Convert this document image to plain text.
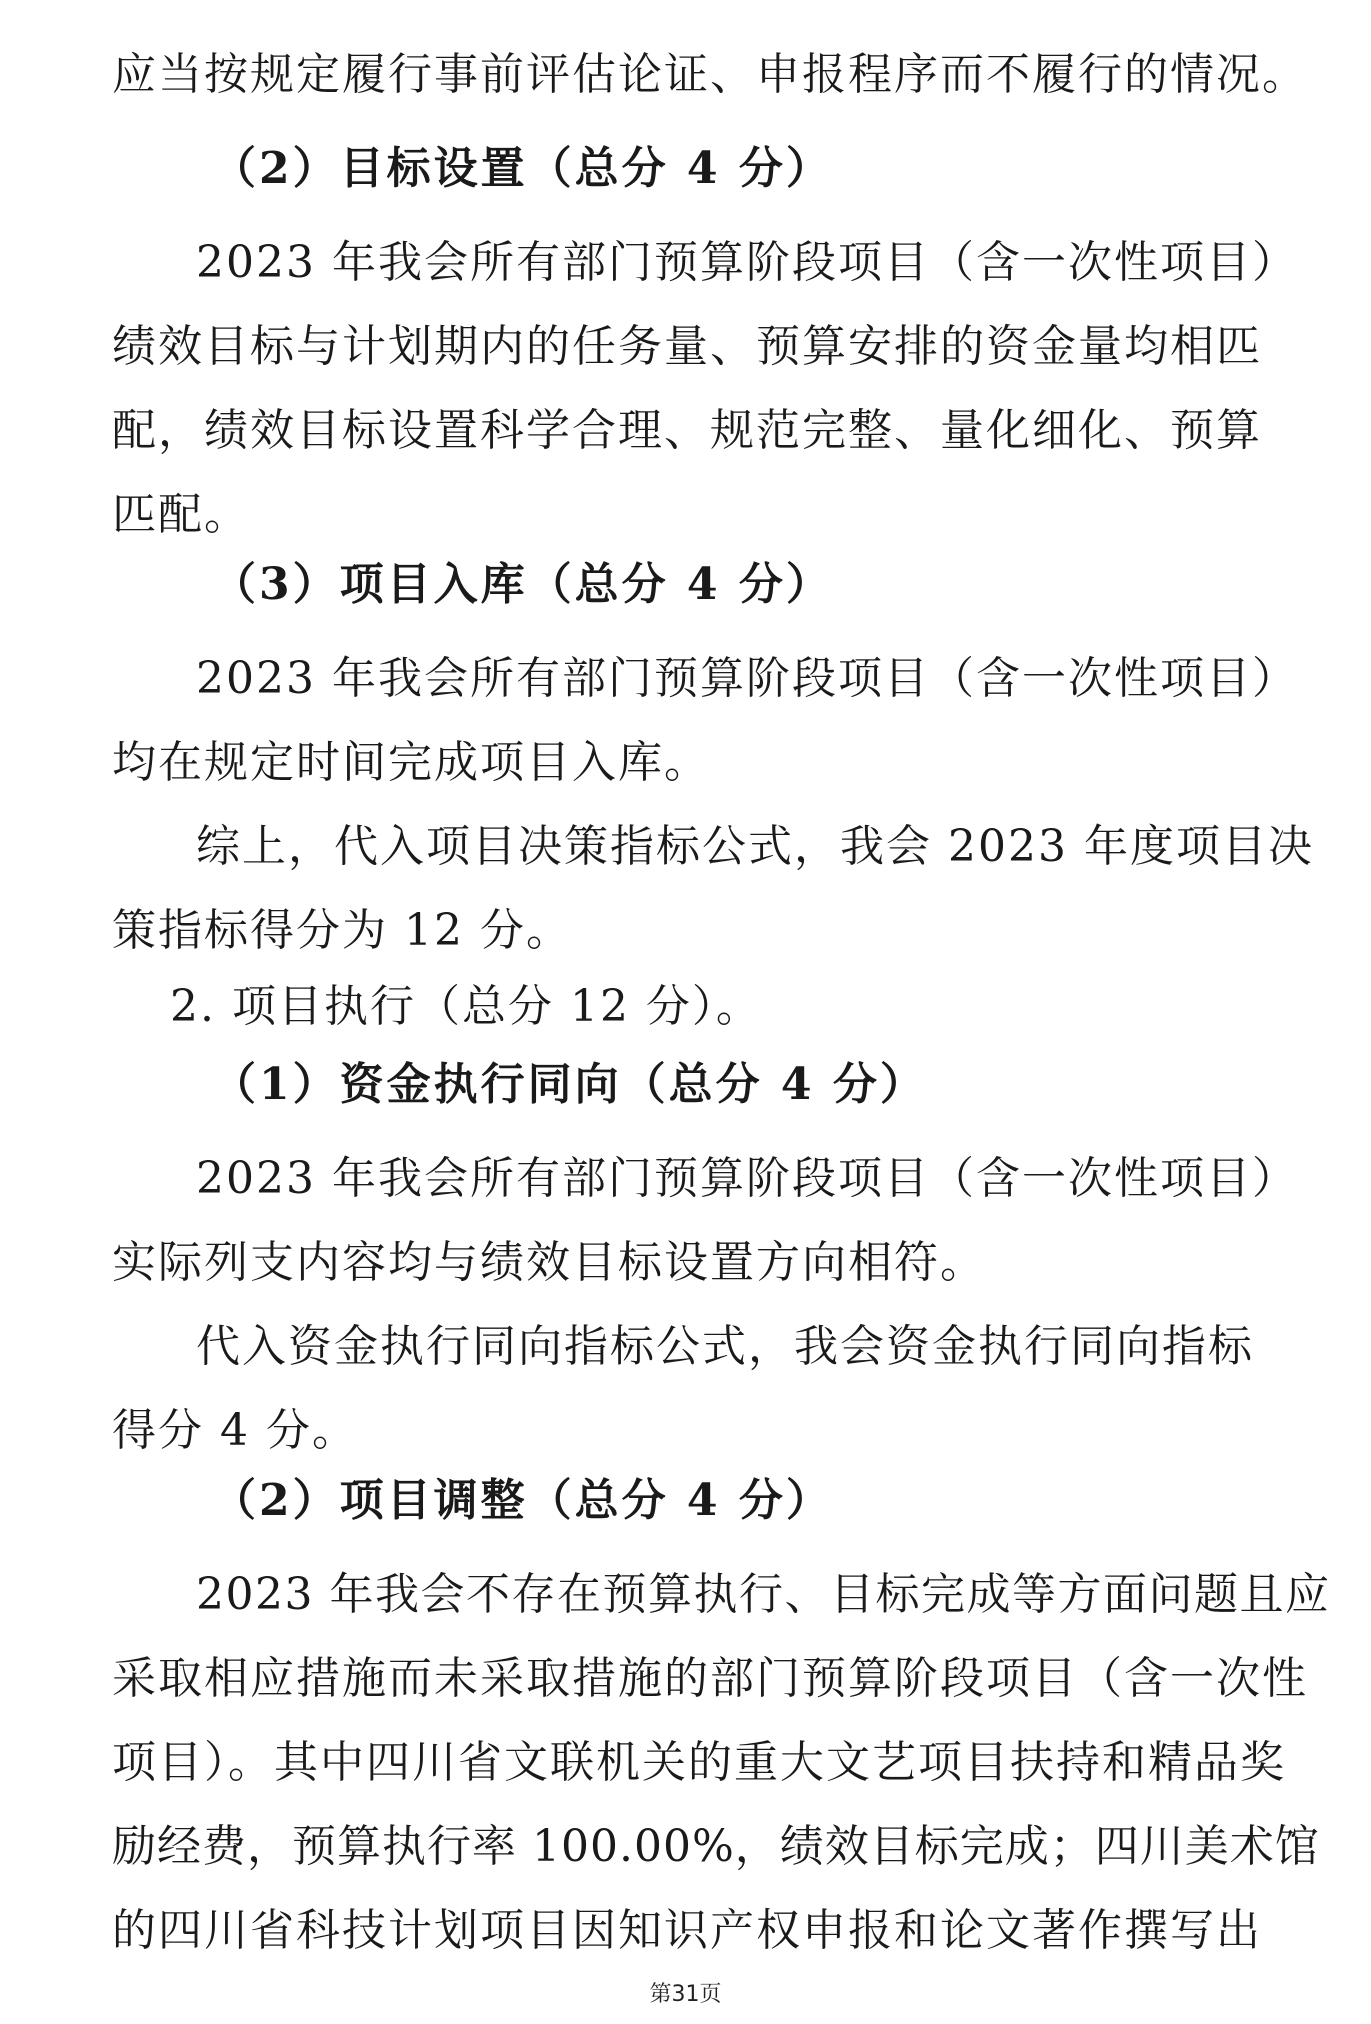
应当按规定履行事前评估论证、申报程序而不履行的情况。
（2）目标设置（总分 4 分）
2023 年我会所有部门预算阶段项目（含一次性项目）
绩效目标与计划期内的任务量、预算安排的资金量均相匹
配，绩效目标设置科学合理、规范完整、量化细化、预算
匹配。
（3）项目入库（总分 4 分）
2023 年我会所有部门预算阶段项目（含一次性项目）
均在规定时间完成项目入库。
综上，代入项目决策指标公式，我会 2023 年度项目决
策指标得分为 12 分。
2. 项目执行（总分 12 分）。
（1）资金执行同向（总分 4 分）
2023 年我会所有部门预算阶段项目（含一次性项目）
实际列支内容均与绩效目标设置方向相符。
代入资金执行同向指标公式，我会资金执行同向指标
得分 4 分。
（2）项目调整（总分 4 分）
2023 年我会不存在预算执行、目标完成等方面问题且应
采取相应措施而未采取措施的部门预算阶段项目（含一次性
项目）。其中四川省文联机关的重大文艺项目扶持和精品奖
励经费，预算执行率 100.00%，绩效目标完成；四川美术馆
的四川省科技计划项目因知识产权申报和论文著作撰写出
第31页
